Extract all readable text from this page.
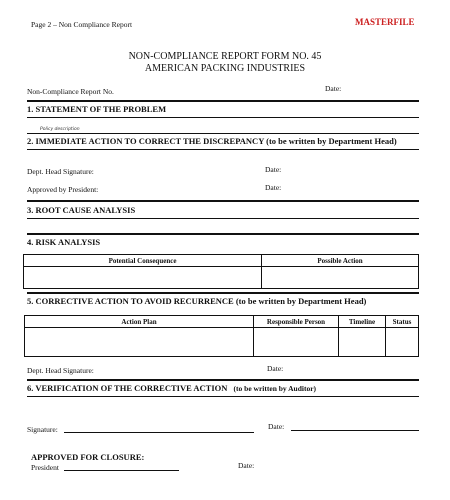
Page 2 – Non Compliance Report	MASTERFILE
NON-COMPLIANCE REPORT FORM NO. 45
AMERICAN PACKING INDUSTRIES
Non-Compliance Report No.	Date:
1. STATEMENT OF THE PROBLEM
Policy description
2. IMMEDIATE ACTION TO CORRECT THE DISCREPANCY (to be written by Department Head)
Dept. Head Signature:	Date:
Approved by President:	Date:
3. ROOT CAUSE ANALYSIS
4. RISK ANALYSIS
Potential Consequence	Possible Action

5. CORRECTIVE ACTION TO AVOID RECURRENCE (to be written by Department Head)
Action Plan	Responsible Person	Timeline	Status

Dept. Head Signature:	Date:
6. VERIFICATION OF THE CORRECTIVE ACTION (to be written by Auditor)
Signature:	Date:
APPROVED FOR CLOSURE:
President	Date:
